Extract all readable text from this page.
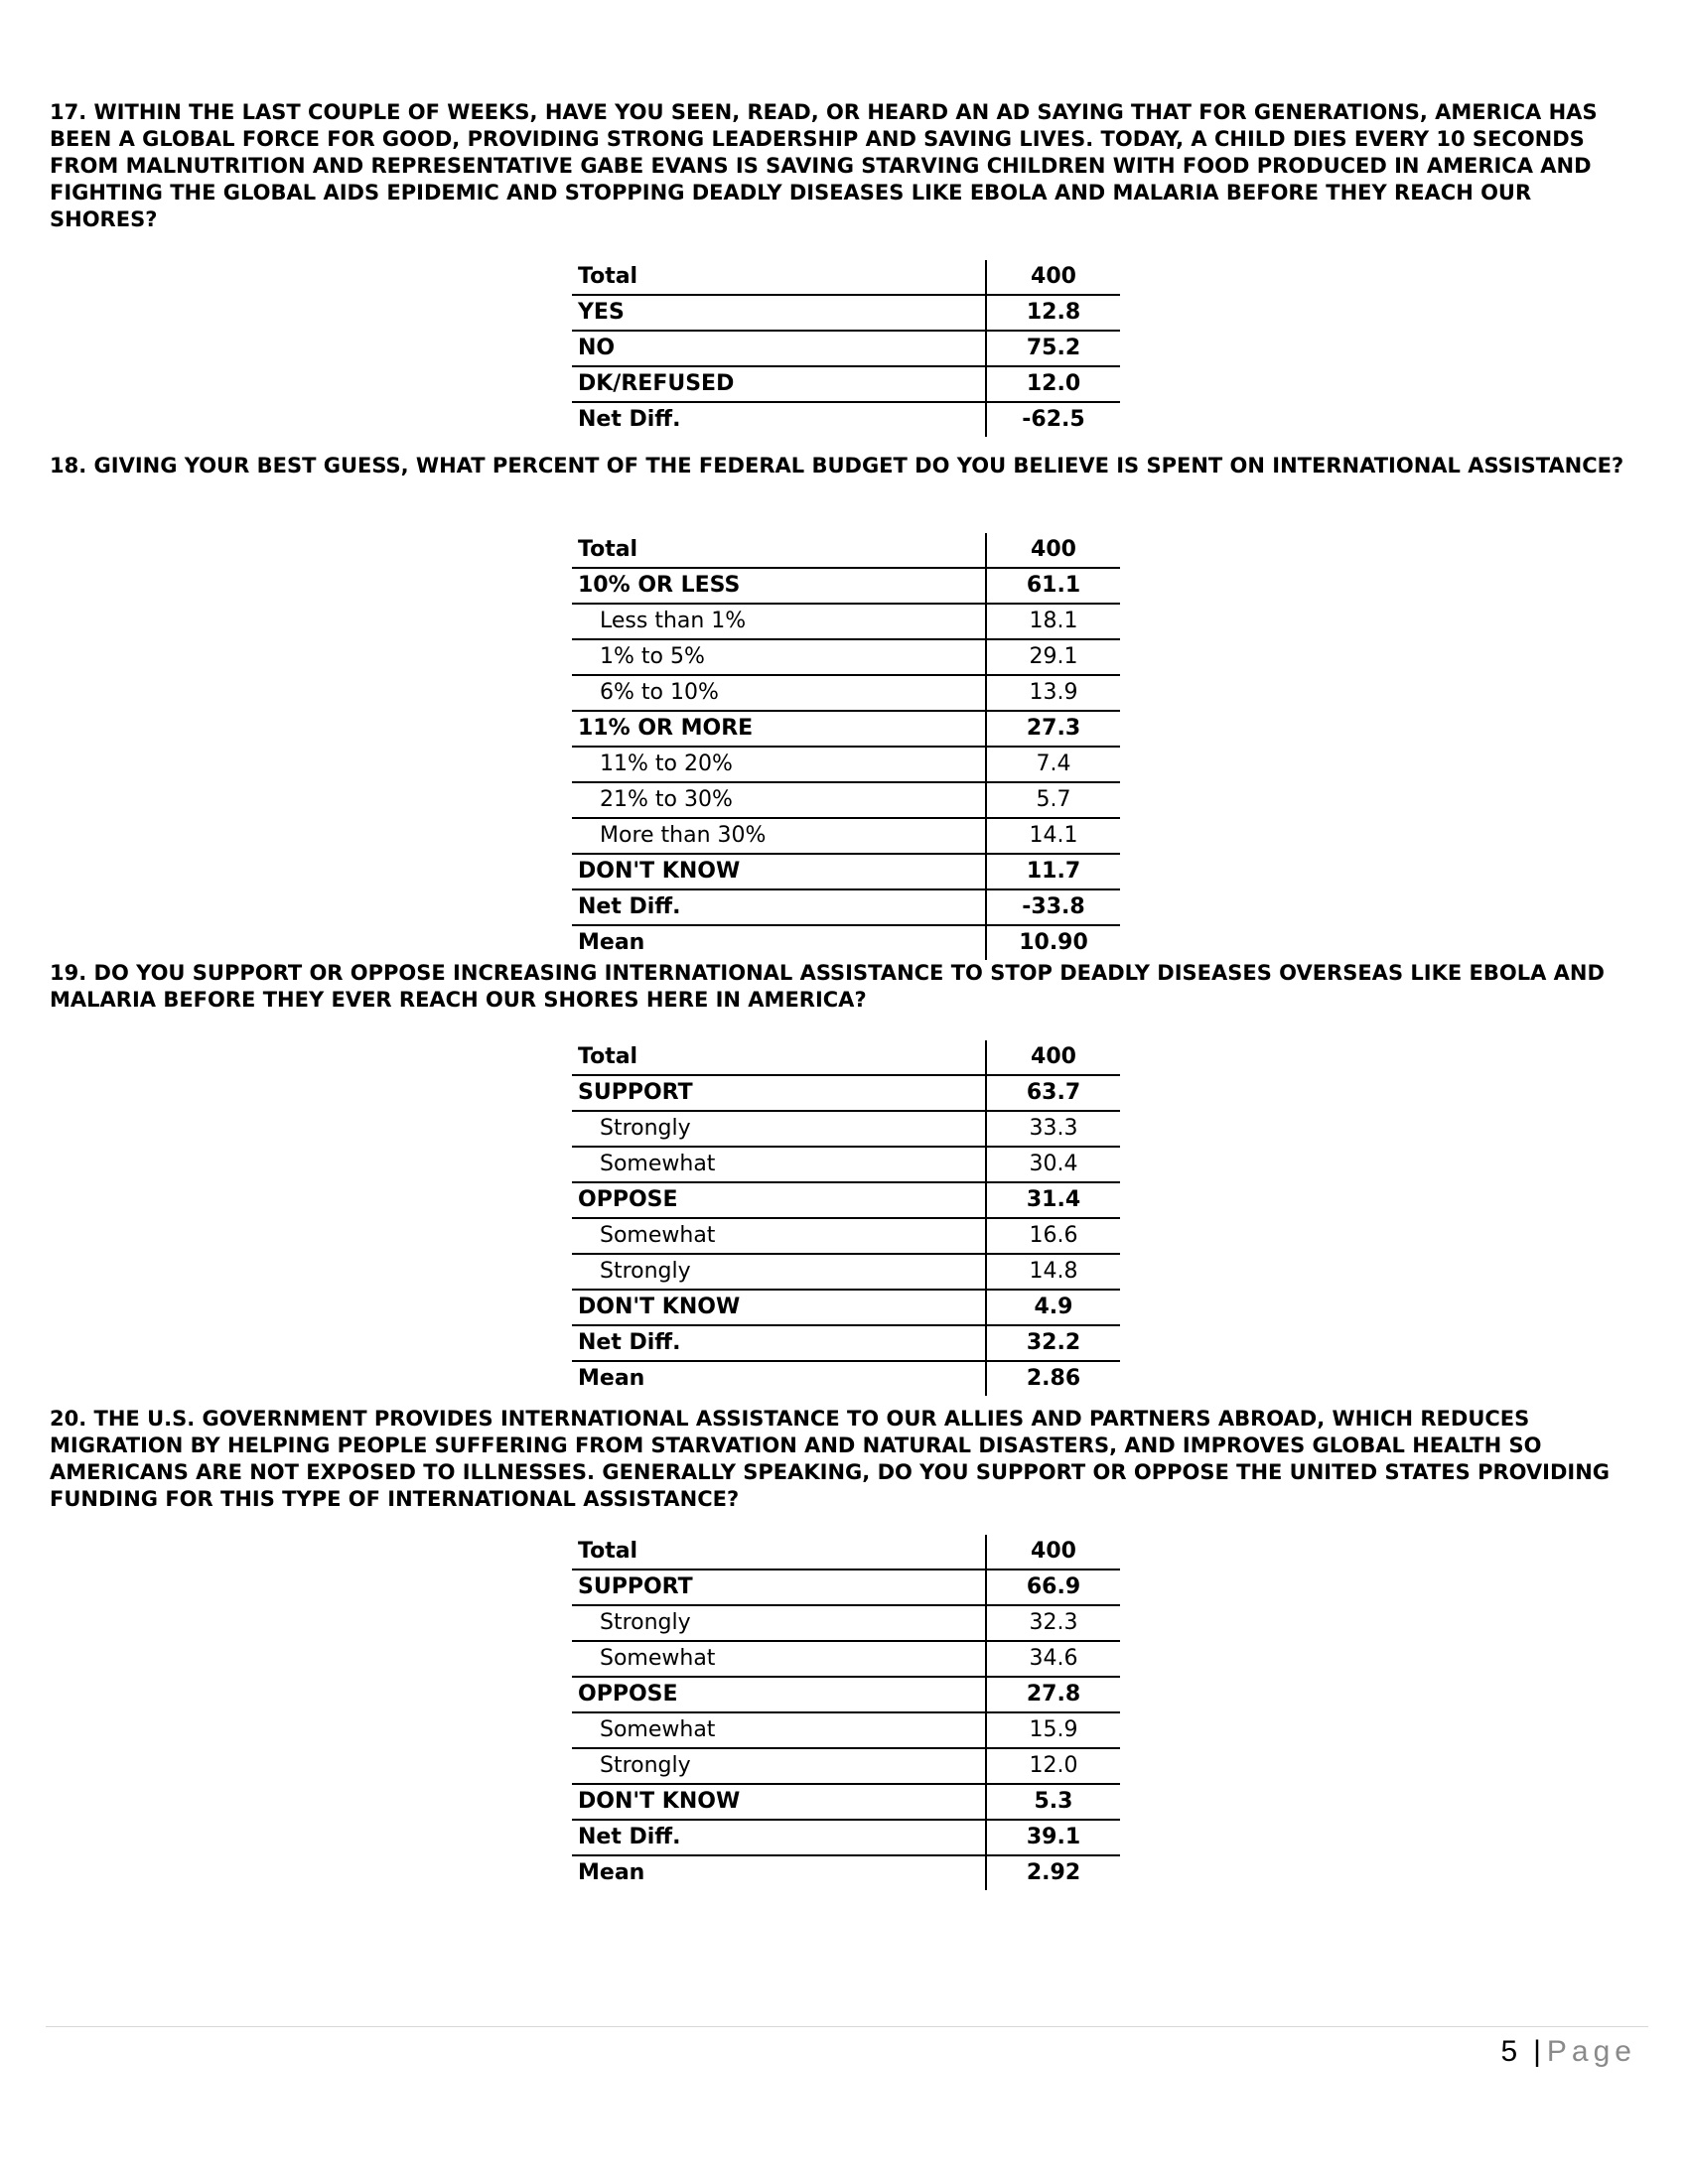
17. WITHIN THE LAST COUPLE OF WEEKS, HAVE YOU SEEN, READ, OR HEARD AN AD SAYING THAT FOR GENERATIONS, AMERICA HAS BEEN A GLOBAL FORCE FOR GOOD, PROVIDING STRONG LEADERSHIP AND SAVING LIVES. TODAY, A CHILD DIES EVERY 10 SECONDS FROM MALNUTRITION AND REPRESENTATIVE GABE EVANS IS SAVING STARVING CHILDREN WITH FOOD PRODUCED IN AMERICA AND FIGHTING THE GLOBAL AIDS EPIDEMIC AND STOPPING DEADLY DISEASES LIKE EBOLA AND MALARIA BEFORE THEY REACH OUR SHORES?

Total	400
YES	12.8
NO	75.2
DK/REFUSED	12.0
Net Diff.	-62.5

18. GIVING YOUR BEST GUESS, WHAT PERCENT OF THE FEDERAL BUDGET DO YOU BELIEVE IS SPENT ON INTERNATIONAL ASSISTANCE?

Total	400
10% OR LESS	61.1
Less than 1%	18.1
1% to 5%	29.1
6% to 10%	13.9
11% OR MORE	27.3
11% to 20%	7.4
21% to 30%	5.7
More than 30%	14.1
DON'T KNOW	11.7
Net Diff.	-33.8
Mean	10.90

19. DO YOU SUPPORT OR OPPOSE INCREASING INTERNATIONAL ASSISTANCE TO STOP DEADLY DISEASES OVERSEAS LIKE EBOLA AND MALARIA BEFORE THEY EVER REACH OUR SHORES HERE IN AMERICA?

Total	400
SUPPORT	63.7
Strongly	33.3
Somewhat	30.4
OPPOSE	31.4
Somewhat	16.6
Strongly	14.8
DON'T KNOW	4.9
Net Diff.	32.2
Mean	2.86

20. THE U.S. GOVERNMENT PROVIDES INTERNATIONAL ASSISTANCE TO OUR ALLIES AND PARTNERS ABROAD, WHICH REDUCES MIGRATION BY HELPING PEOPLE SUFFERING FROM STARVATION AND NATURAL DISASTERS, AND IMPROVES GLOBAL HEALTH SO AMERICANS ARE NOT EXPOSED TO ILLNESSES. GENERALLY SPEAKING, DO YOU SUPPORT OR OPPOSE THE UNITED STATES PROVIDING FUNDING FOR THIS TYPE OF INTERNATIONAL ASSISTANCE?

Total	400
SUPPORT	66.9
Strongly	32.3
Somewhat	34.6
OPPOSE	27.8
Somewhat	15.9
Strongly	12.0
DON'T KNOW	5.3
Net Diff.	39.1
Mean	2.92
5 | Page
